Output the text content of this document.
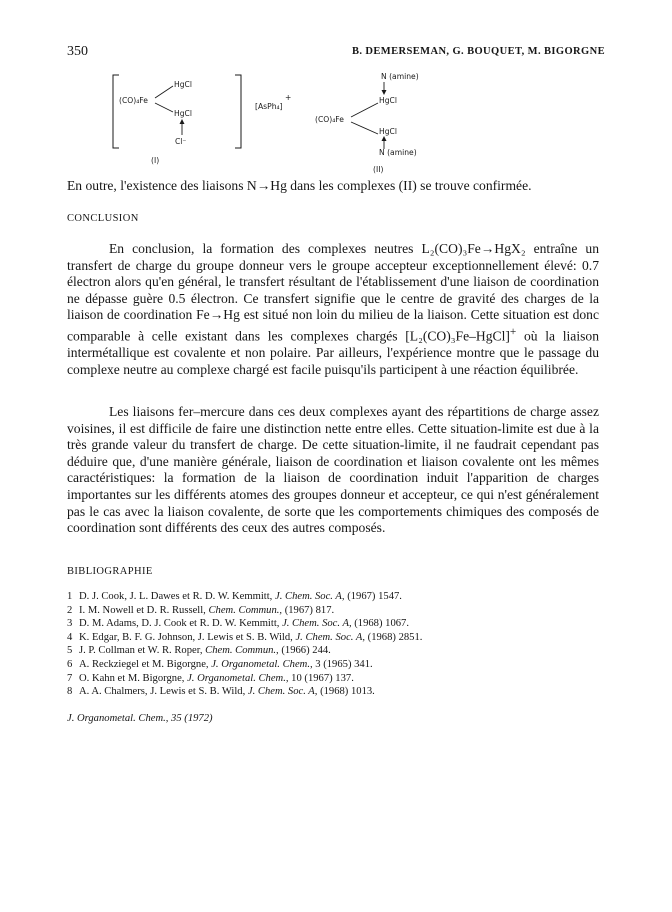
350	B. DEMERSEMAN, G. BOUQUET, M. BIGORGNE
(CO)₄Fe
HgCl
HgCl
Cl⁻
(I)
[AsPh₄]
+
N (amine)
HgCl
(CO)₄Fe
HgCl
N (amine)
(II)
En outre, l'existence des liaisons N→Hg dans les complexes (II) se trouve confirmée.
CONCLUSION

En conclusion, la formation des complexes neutres L₂(CO)₃Fe→HgX₂ entraîne un transfert de charge du groupe donneur vers le groupe accepteur exceptionnellement élevé: 0.7 électron alors qu'en général, le transfert résultant de l'établissement d'une liaison de coordination ne dépasse guère 0.5 électron. Ce transfert signifie que le centre de gravité des charges de la liaison de coordination Fe→Hg est situé non loin du milieu de la liaison. Cette situation est donc comparable à celle existant dans les complexes chargés [L₂(CO)₃Fe–HgCl]+ où la liaison intermétallique est covalente et non polaire. Par ailleurs, l'expérience montre que le passage du complexe neutre au complexe chargé est facile puisqu'ils participent à une réaction équilibrée.

Les liaisons fer–mercure dans ces deux complexes ayant des répartitions de charge assez voisines, il est difficile de faire une distinction nette entre elles. Cette situation-limite est due à la très grande valeur du transfert de charge. De cette situation-limite, il ne faudrait cependant pas déduire que, d'une manière générale, liaison de coordination et liaison covalente ont les mêmes caractéristiques: la formation de la liaison de coordination induit l'apparition de charges importantes sur les différents atomes des groupes donneur et accepteur, ce qui n'est généralement pas le cas avec la liaison covalente, de sorte que les comportements chimiques des composés de coordination sont différents des ceux des autres composés.

BIBLIOGRAPHIE
1 D. J. Cook, J. L. Dawes et R. D. W. Kemmitt, J. Chem. Soc. A, (1967) 1547.
2 I. M. Nowell et D. R. Russell, Chem. Commun., (1967) 817.
3 D. M. Adams, D. J. Cook et R. D. W. Kemmitt, J. Chem. Soc. A, (1968) 1067.
4 K. Edgar, B. F. G. Johnson, J. Lewis et S. B. Wild, J. Chem. Soc. A, (1968) 2851.
5 J. P. Collman et W. R. Roper, Chem. Commun., (1966) 244.
6 A. Reckziegel et M. Bigorgne, J. Organometal. Chem., 3 (1965) 341.
7 O. Kahn et M. Bigorgne, J. Organometal. Chem., 10 (1967) 137.
8 A. A. Chalmers, J. Lewis et S. B. Wild, J. Chem. Soc. A, (1968) 1013.
J. Organometal. Chem., 35 (1972)
